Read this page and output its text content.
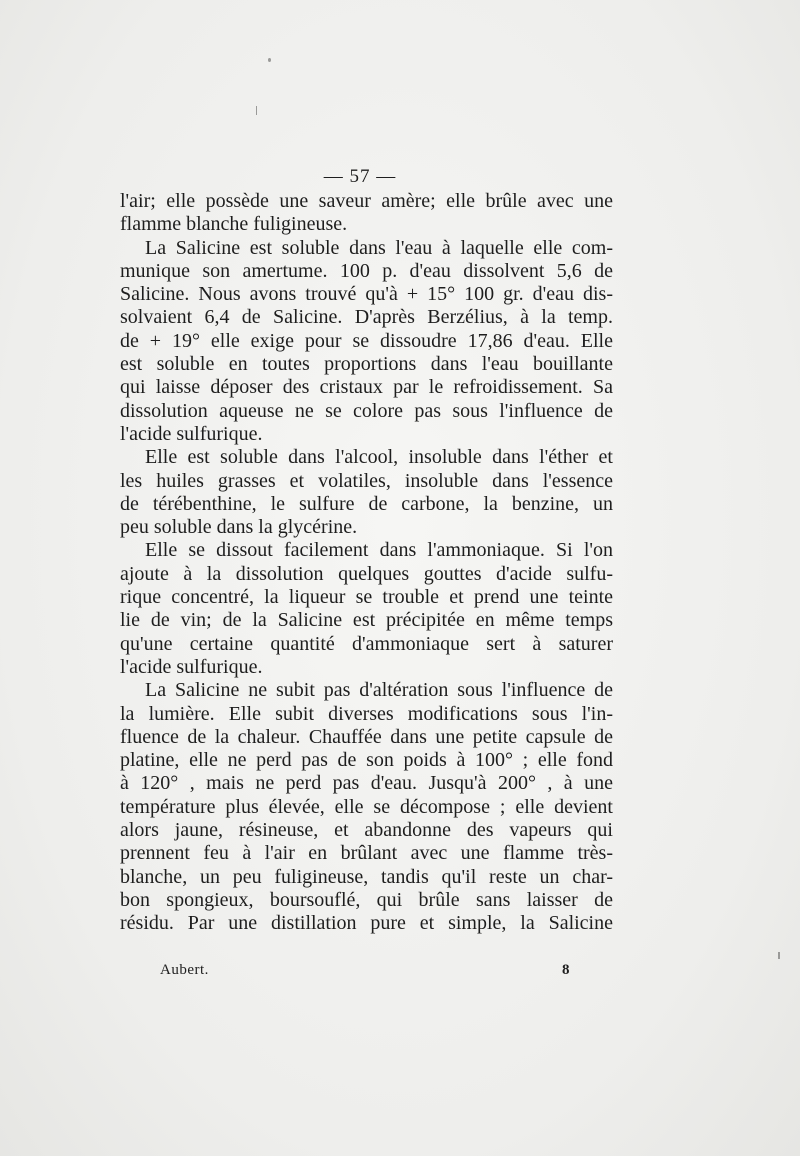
— 57 —
l'air; elle possède une saveur amère; elle brûle avec une
flamme blanche fuligineuse.
La Salicine est soluble dans l'eau à laquelle elle com-
munique son amertume. 100 p. d'eau dissolvent 5,6 de
Salicine. Nous avons trouvé qu'à + 15° 100 gr. d'eau dis-
solvaient 6,4 de Salicine. D'après Berzélius, à la temp.
de + 19° elle exige pour se dissoudre 17,86 d'eau. Elle
est soluble en toutes proportions dans l'eau bouillante
qui laisse déposer des cristaux par le refroidissement. Sa
dissolution aqueuse ne se colore pas sous l'influence de
l'acide sulfurique.
Elle est soluble dans l'alcool, insoluble dans l'éther et
les huiles grasses et volatiles, insoluble dans l'essence
de térébenthine, le sulfure de carbone, la benzine, un
peu soluble dans la glycérine.
Elle se dissout facilement dans l'ammoniaque. Si l'on
ajoute à la dissolution quelques gouttes d'acide sulfu-
rique concentré, la liqueur se trouble et prend une teinte
lie de vin; de la Salicine est précipitée en même temps
qu'une certaine quantité d'ammoniaque sert à saturer
l'acide sulfurique.
La Salicine ne subit pas d'altération sous l'influence de
la lumière. Elle subit diverses modifications sous l'in-
fluence de la chaleur. Chauffée dans une petite capsule de
platine, elle ne perd pas de son poids à 100° ; elle fond
à 120° , mais ne perd pas d'eau. Jusqu'à 200° , à une
température plus élevée, elle se décompose ; elle devient
alors jaune, résineuse, et abandonne des vapeurs qui
prennent feu à l'air en brûlant avec une flamme très-
blanche, un peu fuligineuse, tandis qu'il reste un char-
bon spongieux, boursouflé, qui brûle sans laisser de
résidu. Par une distillation pure et simple, la Salicine
Aubert.	8
